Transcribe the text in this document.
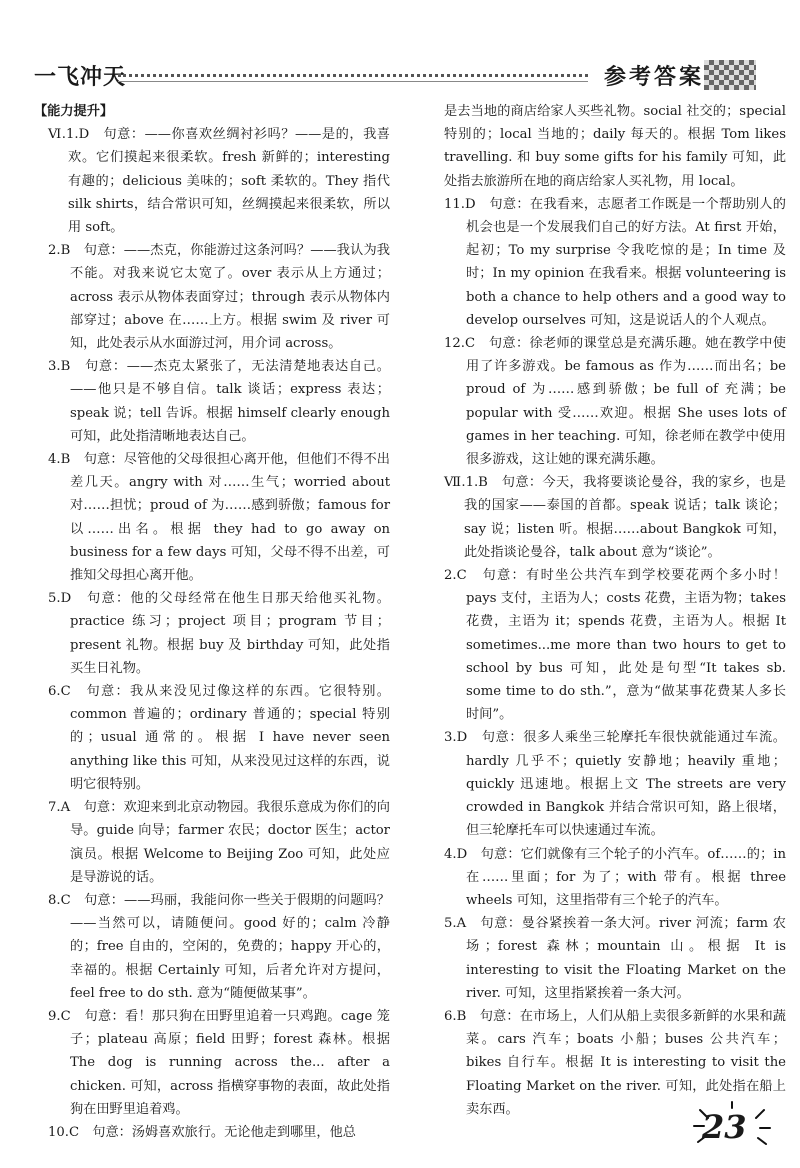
一飞冲天	参考答案

【能力提升】

Ⅵ.1.D　句意：——你喜欢丝绸衬衫吗？——是的，我喜欢。它们摸起来很柔软。fresh 新鲜的；interesting 有趣的；delicious 美味的；soft 柔软的。They 指代 silk shirts，结合常识可知，丝绸摸起来很柔软，所以用 soft。

2.B　句意：——杰克，你能游过这条河吗？——我认为我不能。对我来说它太宽了。over 表示从上方通过；across 表示从物体表面穿过；through 表示从物体内部穿过；above 在……上方。根据 swim 及 river 可知，此处表示从水面游过河，用介词 across。

3.B　句意：——杰克太紧张了，无法清楚地表达自己。——他只是不够自信。talk 谈话；express 表达；speak 说；tell 告诉。根据 himself clearly enough 可知，此处指清晰地表达自己。

4.B　句意：尽管他的父母很担心离开他，但他们不得不出差几天。angry with 对……生气；worried about 对……担忧；proud of 为……感到骄傲；famous for 以……出名。根据 they had to go away on business for a few days 可知，父母不得不出差，可推知父母担心离开他。

5.D　句意：他的父母经常在他生日那天给他买礼物。practice 练习；project 项目；program 节目；present 礼物。根据 buy 及 birthday 可知，此处指买生日礼物。

6.C　句意：我从来没见过像这样的东西。它很特别。common 普遍的；ordinary 普通的；special 特别的；usual 通常的。根据 I have never seen anything like this 可知，从来没见过这样的东西，说明它很特别。

7.A　句意：欢迎来到北京动物园。我很乐意成为你们的向导。guide 向导；farmer 农民；doctor 医生；actor 演员。根据 Welcome to Beijing Zoo 可知，此处应是导游说的话。

8.C　句意：——玛丽，我能问你一些关于假期的问题吗？——当然可以，请随便问。good 好的；calm 冷静的；free 自由的，空闲的，免费的；happy 开心的，幸福的。根据 Certainly 可知，后者允许对方提问，feel free to do sth. 意为“随便做某事”。

9.C　句意：看！那只狗在田野里追着一只鸡跑。cage 笼子；plateau 高原；field 田野；forest 森林。根据 The dog is running across the... after a chicken. 可知，across 指横穿事物的表面，故此处指狗在田野里追着鸡。

10.C　句意：汤姆喜欢旅行。无论他走到哪里，他总

是去当地的商店给家人买些礼物。social 社交的；special 特别的；local 当地的；daily 每天的。根据 Tom likes travelling. 和 buy some gifts for his family 可知，此处指去旅游所在地的商店给家人买礼物，用 local。

11.D　句意：在我看来，志愿者工作既是一个帮助别人的机会也是一个发展我们自己的好方法。At first 开始，起初；To my surprise 令我吃惊的是；In time 及时；In my opinion 在我看来。根据 volunteering is both a chance to help others and a good way to develop ourselves 可知，这是说话人的个人观点。

12.C　句意：徐老师的课堂总是充满乐趣。她在教学中使用了许多游戏。be famous as 作为……而出名；be proud of 为……感到骄傲；be full of 充满；be popular with 受……欢迎。根据 She uses lots of games in her teaching. 可知，徐老师在教学中使用很多游戏，这让她的课充满乐趣。

Ⅶ.1.B　句意：今天，我将要谈论曼谷，我的家乡，也是我的国家——泰国的首都。speak 说话；talk 谈论；say 说；listen 听。根据……about Bangkok 可知，此处指谈论曼谷，talk about 意为“谈论”。

2.C　句意：有时坐公共汽车到学校要花两个多小时！pays 支付，主语为人；costs 花费，主语为物；takes 花费，主语为 it；spends 花费，主语为人。根据 It sometimes...me more than two hours to get to school by bus 可知，此处是句型“It takes sb. some time to do sth.”，意为“做某事花费某人多长时间”。

3.D　句意：很多人乘坐三轮摩托车很快就能通过车流。hardly 几乎不；quietly 安静地；heavily 重地；quickly 迅速地。根据上文 The streets are very crowded in Bangkok 并结合常识可知，路上很堵，但三轮摩托车可以快速通过车流。

4.D　句意：它们就像有三个轮子的小汽车。of……的；in 在……里面；for 为了；with 带有。根据 three wheels 可知，这里指带有三个轮子的汽车。

5.A　句意：曼谷紧挨着一条大河。river 河流；farm 农场；forest 森林；mountain 山。根据 It is interesting to visit the Floating Market on the river. 可知，这里指紧挨着一条大河。

6.B　句意：在市场上，人们从船上卖很多新鲜的水果和蔬菜。cars 汽车；boats 小船；buses 公共汽车；bikes 自行车。根据 It is interesting to visit the Floating Market on the river. 可知，此处指在船上卖东西。	23
